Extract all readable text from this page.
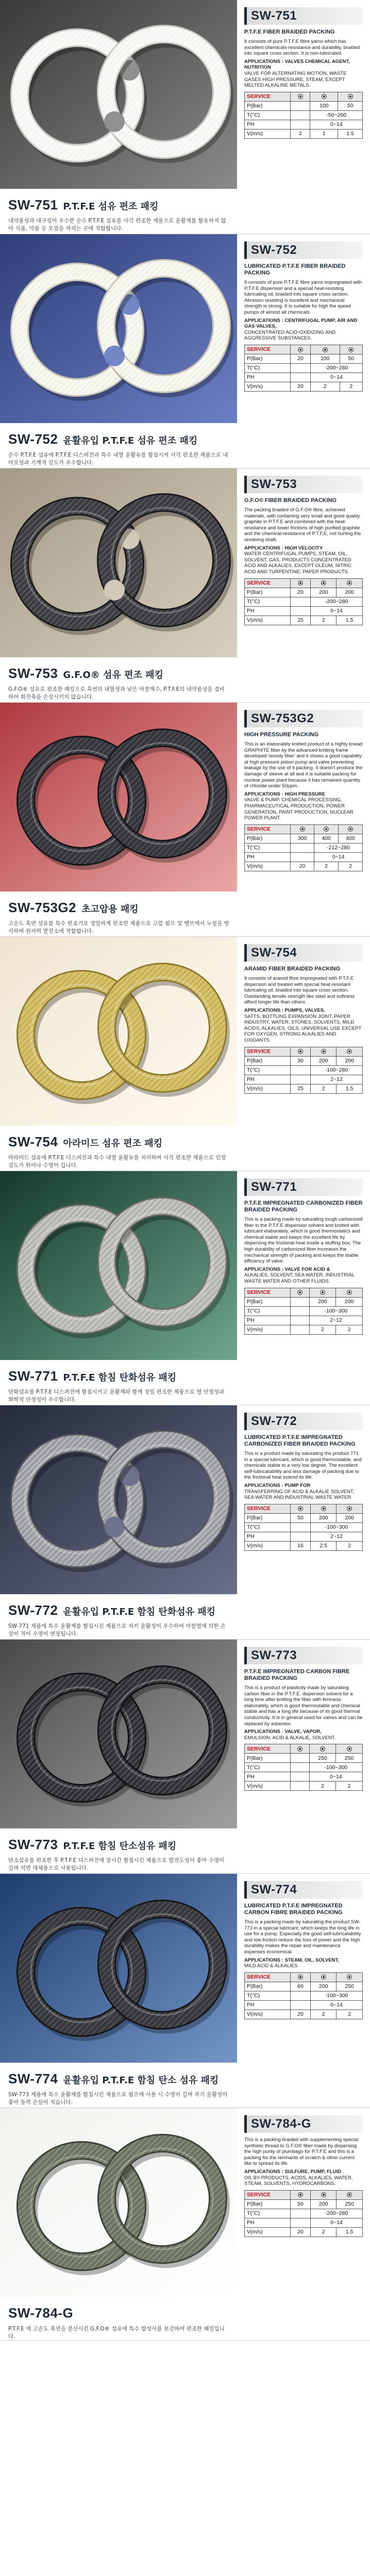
SW-751 P.T.F.E 섬유 편조 패킹
내약품성과 내구성이 우수한 순수 P.T.F.E 섬유를 사각 편조한 제품으로 윤활제를 함유하지 않아 식품, 약품 등 오염을 꺼리는 곳에 적합합니다.
SW-751
P.T.F.E FIBER BRAIDED PACKING
It consists of pure P.T.F.E fibre yarns which has excellent chemicals-resistance and durability, braided into square cross section. It is non-lubricated.
APPLICATIONS : VALVES CHEMICAL AGENT, NUTRITION
VALVE FOR ALTERNATING MOTION, WASTE GASES HIGH PRESSURE, STEAM, EXCEPT MELTED ALKALINE METALS.
SERVICE			
P(Bar)		100	50
T(°C)		-50~260	
PH		0~14	
V(m/s)	2	1	1.5
SW-752 윤활유입 P.T.F.E 섬유 편조 패킹
순수 P.T.F.E 섬유에 P.T.F.E 디스퍼전과 특수 내열 윤활유를 함침시켜 사각 편조한 제품으로 내마모성과 기계적 강도가 우수합니다.
SW-752
LUBRICATED P.T.F.E FIBER BRAIDED PACKING
It consists of pure P.T.F.E fibre yarns impregnated with P.T.F.E dispersion and a special heat-resisting lubricating oil, braided into square cross section. Abrasion resisting is excellent and mechanical strength is strong. It is suitable for high the speed pumps of almost all chemicals.
APPLICATIONS : CENTRIFUGAL PUMP, AIR AND GAS VALVES,
CONCENTRATED ACID-OXIDIZING AND AGGRESSIVE SUBSTANCES.
SERVICE			
P(Bar)	20	100	50
T(°C)		-200~280	
PH		0~14	
V(m/s)	20	2	2
SW-753 G.F.O® 섬유 편조 패킹
G.F.O® 섬유로 편조한 패킹으로 흑연의 내열성과 낮은 마찰계수, P.T.F.E의 내약품성을 겸비하여 회전축을 손상시키지 않습니다.
SW-753
G.F.O® FIBER BRAIDED PACKING
The packing braided of G.F.O® fibre, achieved materials, with containing very small and good quality graphite in P.T.F.E and combined with the heat-resistance and lower frictions of high purified graphite and the chemical-resistance of P.T.F.E, not hurting the revolving shaft.
APPLICATIONS : HIGH VELOCITY
WATER CENTRIFUGAL PUMPS, STEAM, OIL, SOLVENT, GAS, PRODUCTS CONCENTRATED ACID AND ALKALIES, EXCEPT OLEUM, NITRIC ACID AND TURPENTINE, PAPER PRODUCTS.
SERVICE			
P(Bar)	20	200	200
T(°C)		-200~280	
PH		0~14	
V(m/s)	25	2	1.5
SW-753G2 초고압용 패킹
고순도 흑연 섬유를 특수 편조기로 정밀하게 편조한 제품으로 고압 펌프 및 밸브에서 누설을 방지하며 원자력 발전소에 적합합니다.
SW-753G2
HIGH PRESSURE PACKING
This is an elaborately knitted product of a highly knead GRAPHITE fiber by the advanced knitting frame developed 'woody fiber' and it shows a good capability at high pressure piston pump and valve preventing leakage by the use of it packing. It doesn't produce the damage of sleeve at all and it is suitable packing for nuclear power plant because it has remained quantity of chloride under 50ppm.
APPLICATIONS : HIGH PRESSURE
VALVE & PUMP, CHEMICAL PROCESSING, PHARMACEUTICAL PRODUCTION, POWER GENERATION, PAINT PRODUCTION, NUCLEAR POWER PLANT.
SERVICE			
P(Bar)	300	400	400
T(°C)		-212~280	
PH		0~14	
V(m/s)	20	2	2
SW-754 아라미드 섬유 편조 패킹
아라미드 섬유에 P.T.F.E 디스퍼전과 특수 내열 윤활유를 처리하여 사각 편조한 제품으로 인장강도가 뛰어나 수명이 깁니다.
SW-754
ARAMID FIBER BRAIDED PACKING
It consists of aramid fibre impregnated with P.T.F.E dispersion and treated with special heat-resistant lubricating oil, braided into square cross section. Outstanding tensile strength like steel and softness afford longer life than others.
APPLICATIONS : PUMPS, VALVES,
SATTS, BOTTLING EXPANSION JOINT, PAPER INDUSTRY, WATER, STONES, SOLVENTS, MILD ACIDS, ALKALIES, OILS, UNIVERSAL USE EXCEPT FOR OXYGEN, STRONG ALKALIES AND OXIDANTS.
SERVICE			
P(Bar)	30	200	200
T(°C)		-100~280	
PH		2~12	
V(m/s)	25	2	1.5
SW-771 P.T.F.E 함침 탄화섬유 패킹
탄화섬유를 P.T.F.E 디스퍼전에 함침시키고 윤활제와 함께 정밀 편조한 제품으로 열 안정성과 화학적 안정성이 우수합니다.
SW-771
P.T.F.E IMPREGNATED CARBONIZED FIBER BRAIDED PACKING
This is a packing made by saturating tough carbonized fiber in the P.T.F.E dispersion solvent and knitted with lubricant elaborately, which is good thermostatics and chemical stable and keeps the excellent life by dispersing the frictional heat inside a stuffing box. The high durability of carbonized fiber increases the mechanical strength of packing and keeps the stable efficiency of valve.
APPLICATIONS : VALVE FOR ACID &
ALKALIES, SOLVENT, SEA WATER, INDUSTRIAL WASTE WATER AND OTHER FLUIDS.
SERVICE			
P(Bar)		200	200
T(°C)		-100~300	
PH		2~12	
V(m/s)		2	2
SW-772 윤활유입 P.T.F.E 함침 탄화섬유 패킹
SW-771 제품에 특수 윤활제를 함침시킨 제품으로 자기 윤활성이 우수하여 마찰열에 의한 손상이 적어 수명이 연장됩니다.
SW-772
LUBRICATED P.T.F.E IMPREGNATED CARBONIZED FIBER BRAIDED PACKING
This is a product made by saturating the product 771 in a special lubricant, which is good thermostable, and chemicals stable to a very low degree. The excellent self-lubricatability and less damage of packing due to the frictional heat extend its life.
APPLICATIONS : PUMP FOR
TRANSFERRING OF ACID & ALKALIE SOLVENT, SEA WATER AND INDUSTRIAL WASTE WATER.
SERVICE			
P(Bar)	50	200	200
T(°C)		-100~300	
PH		2~12	
V(m/s)	16	2.5	2
SW-773 P.T.F.E 함침 탄소섬유 패킹
탄소섬유를 편조한 후 P.T.F.E 디스퍼전에 장시간 함침시킨 제품으로 열전도성이 좋아 수명이 길며 석면 대체용으로 사용됩니다.
SW-773
P.T.F.E IMPREGNATED CARBON FIBRE BRAIDED PACKING
This is a product of plasticity made by saturating carbon fiber in the P.T.F.E. dispersion solvent for a long time after knitting the fiber with firmness elaborately, which is good thermostable and chemical stable and has a long life because of its good thermal conductivity. It is in general used for valves and can be replaced by asbestos.
APPLICATIONS : VALVE, VAPOR,
EMULSION, ACID & ALKALIE, SOLVENT.
SERVICE			
P(Bar)		250	250
T(°C)		-100~300	
PH		0~14	
V(m/s)		2	2
SW-774 윤활유입 P.T.F.E 함침 탄소 섬유 패킹
SW-773 제품에 특수 윤활제를 함침시킨 제품으로 펌프에 사용 시 수명이 길며 자기 윤활성이 좋아 동력 손실이 적습니다.
SW-774
LUBRICATED P.T.F.E IMPREGNATED CARBON FIBRE BRAIDED PACKING
This is a packing made by saturating the product SW-773 in a special lubricant, which keeps the long life in use for a pump. Especially the good self-lubricatability and low friction reduce the loss of power and the high durability makes the repair and maintenance expenses economical.
APPLICATIONS : STEAM, OIL, SOLVENT,
MILD ACID & ALKALIES
SERVICE			
P(Bar)	60	200	250
T(°C)		-100~300	
PH		0~14	
V(m/s)	20	2	2
SW-784-G
P.T.F.E 에 고순도 흑연을 분산시킨 G.F.O® 섬유에 특수 합성사를 보강하여 편조한 패킹입니다.
SW-784-G
This is a packing braided with supplementing special synthetic thread to G.F.O® fiber made by dispersing the high purity of plumbago for P.T.F.E and this is a packing for the remnants of scratch & other current like to spread its life.
APPLICATIONS : SULFURE, PUMP, FLUID
OIL BY-PRODUCTS, ACIDS, ALKALIES, WATER, STEAM, SOLVENTS, HYDROCARBONS.
SERVICE			
P(Bar)	50	200	250
T(°C)		-200~280	
PH		0~14	
V(m/s)	20	2	1.5
